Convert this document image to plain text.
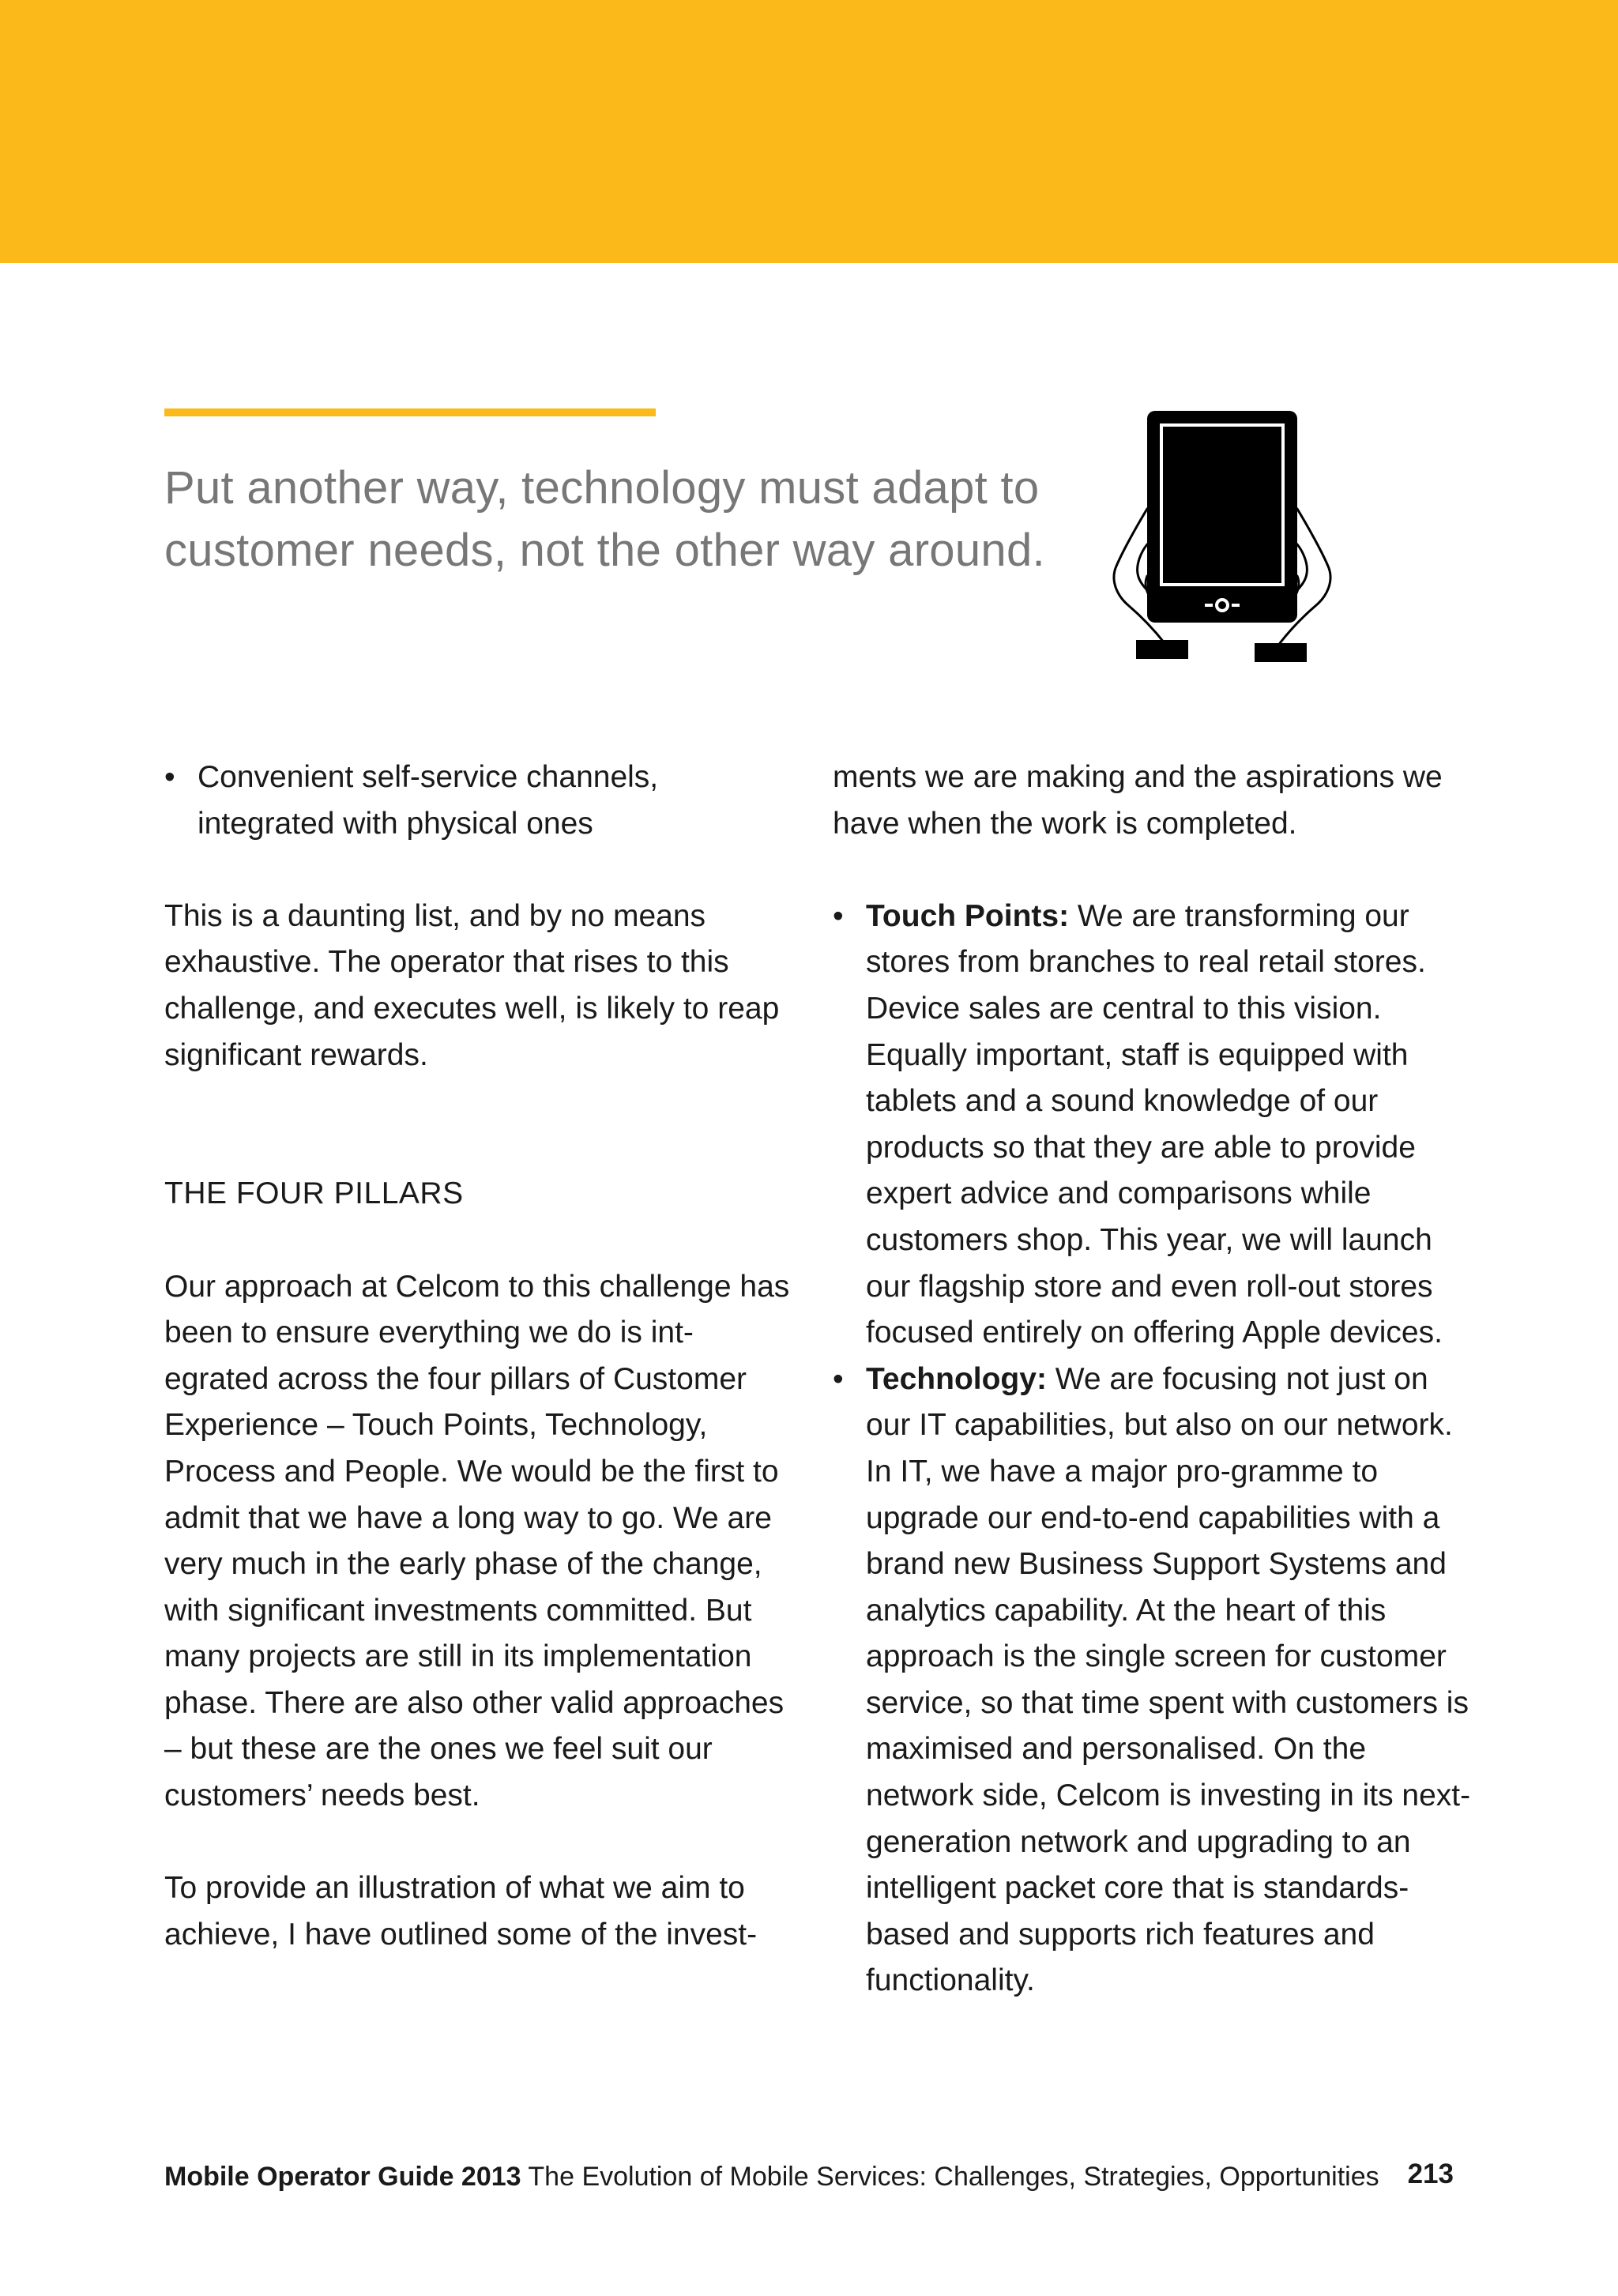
Put another way, technology must adapt to
customer needs, not the other way around.

• Convenient self-service channels, integrated with physical ones

This is a daunting list, and by no means exhaustive. The operator that rises to this challenge, and executes well, is likely to reap significant rewards.

THE FOUR PILLARS

Our approach at Celcom to this challenge has been to ensure everything we do is int-egrated across the four pillars of Customer Experience – Touch Points, Technology, Process and People. We would be the first to admit that we have a long way to go. We are very much in the early phase of the change, with significant investments committed. But many projects are still in its implementation phase. There are also other valid approaches – but these are the ones we feel suit our customers’ needs best.

To provide an illustration of what we aim to achieve, I have outlined some of the invest-

ments we are making and the aspirations we have when the work is completed.

• Touch Points: We are transforming our stores from branches to real retail stores. Device sales are central to this vision. Equally important, staff is equipped with tablets and a sound knowledge of our products so that they are able to provide expert advice and comparisons while customers shop. This year, we will launch our flagship store and even roll-out stores focused entirely on offering Apple devices.
• Technology: We are focusing not just on our IT capabilities, but also on our network. In IT, we have a major pro-gramme to upgrade our end-to-end capabilities with a brand new Business Support Systems and analytics capability. At the heart of this approach is the single screen for customer service, so that time spent with customers is maximised and personalised. On the network side, Celcom is investing in its next-generation network and upgrading to an intelligent packet core that is standards-based and supports rich features and functionality.
Mobile Operator Guide 2013 The Evolution of Mobile Services: Challenges, Strategies, Opportunities 213
